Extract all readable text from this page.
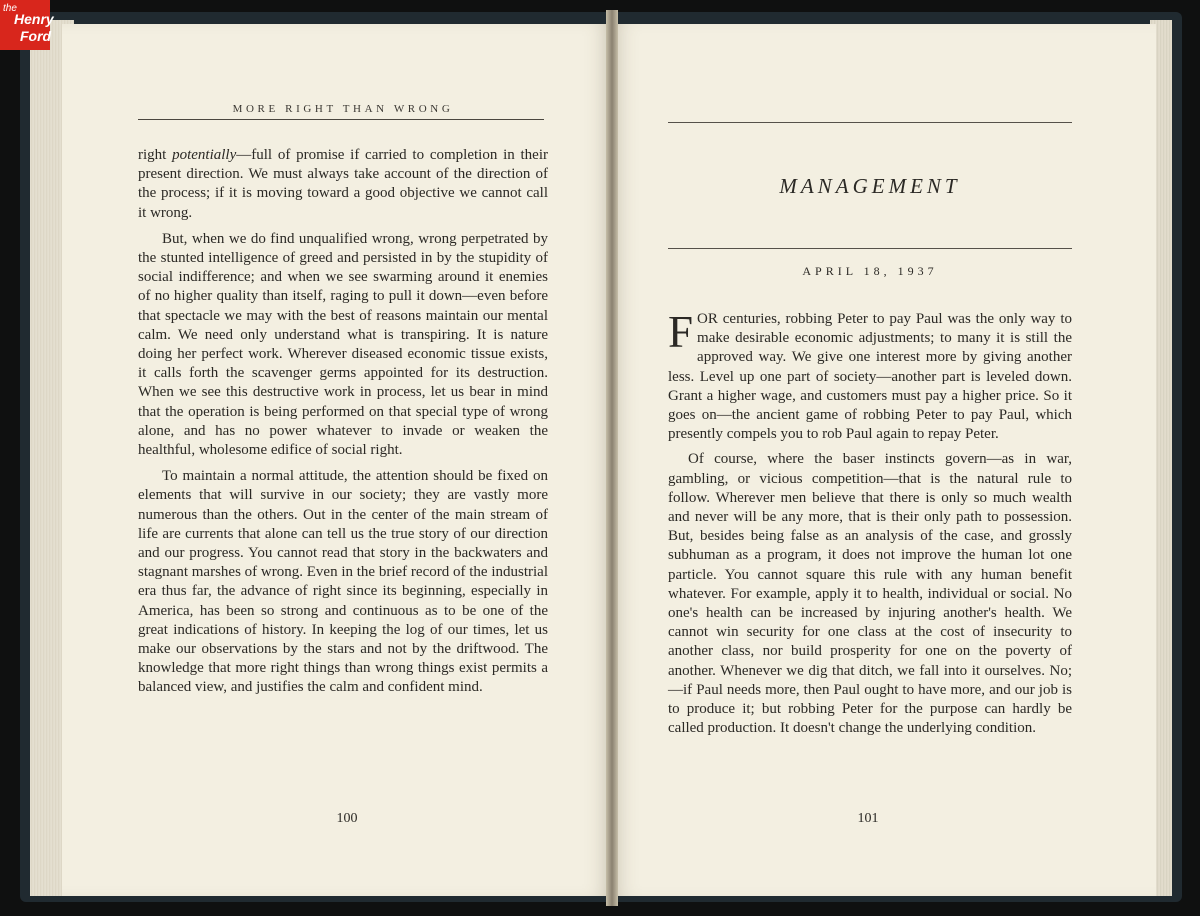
the
Henry
Ford
MORE RIGHT THAN WRONG

right potentially—full of promise if carried to completion in their present direction. We must always take account of the direction of the process; if it is moving toward a good objective we cannot call it wrong.

But, when we do find unqualified wrong, wrong perpetrated by the stunted intelligence of greed and persisted in by the stupidity of social indifference; and when we see swarming around it enemies of no higher quality than itself, raging to pull it down—even before that spectacle we may with the best of reasons maintain our mental calm. We need only understand what is transpiring. It is nature doing her perfect work. Wherever diseased economic tissue exists, it calls forth the scavenger germs appointed for its destruction. When we see this destructive work in process, let us bear in mind that the operation is being performed on that special type of wrong alone, and has no power whatever to invade or weaken the healthful, wholesome edifice of social right.

To maintain a normal attitude, the attention should be fixed on elements that will survive in our society; they are vastly more numerous than the others. Out in the center of the main stream of life are currents that alone can tell us the true story of our direction and our progress. You cannot read that story in the backwaters and stagnant marshes of wrong. Even in the brief record of the industrial era thus far, the advance of right since its beginning, especially in America, has been so strong and continuous as to be one of the great indications of history. In keeping the log of our times, let us make our observations by the stars and not by the driftwood. The knowledge that more right things than wrong things exist permits a balanced view, and justifies the calm and confident mind.

100
MANAGEMENT
APRIL 18, 1937

FOR centuries, robbing Peter to pay Paul was the only way to make desirable economic adjustments; to many it is still the approved way. We give one interest more by giving another less. Level up one part of society—another part is leveled down. Grant a higher wage, and customers must pay a higher price. So it goes on—the ancient game of robbing Peter to pay Paul, which presently compels you to rob Paul again to repay Peter.

Of course, where the baser instincts govern—as in war, gambling, or vicious competition—that is the natural rule to follow. Wherever men believe that there is only so much wealth and never will be any more, that is their only path to possession. But, besides being false as an analysis of the case, and grossly subhuman as a program, it does not improve the human lot one particle. You cannot square this rule with any human benefit whatever. For example, apply it to health, individual or social. No one's health can be increased by injuring another's health. We cannot win security for one class at the cost of insecurity to another class, nor build prosperity for one on the poverty of another. Whenever we dig that ditch, we fall into it ourselves. No;—if Paul needs more, then Paul ought to have more, and our job is to produce it; but robbing Peter for the purpose can hardly be called production. It doesn't change the underlying condition.

101
